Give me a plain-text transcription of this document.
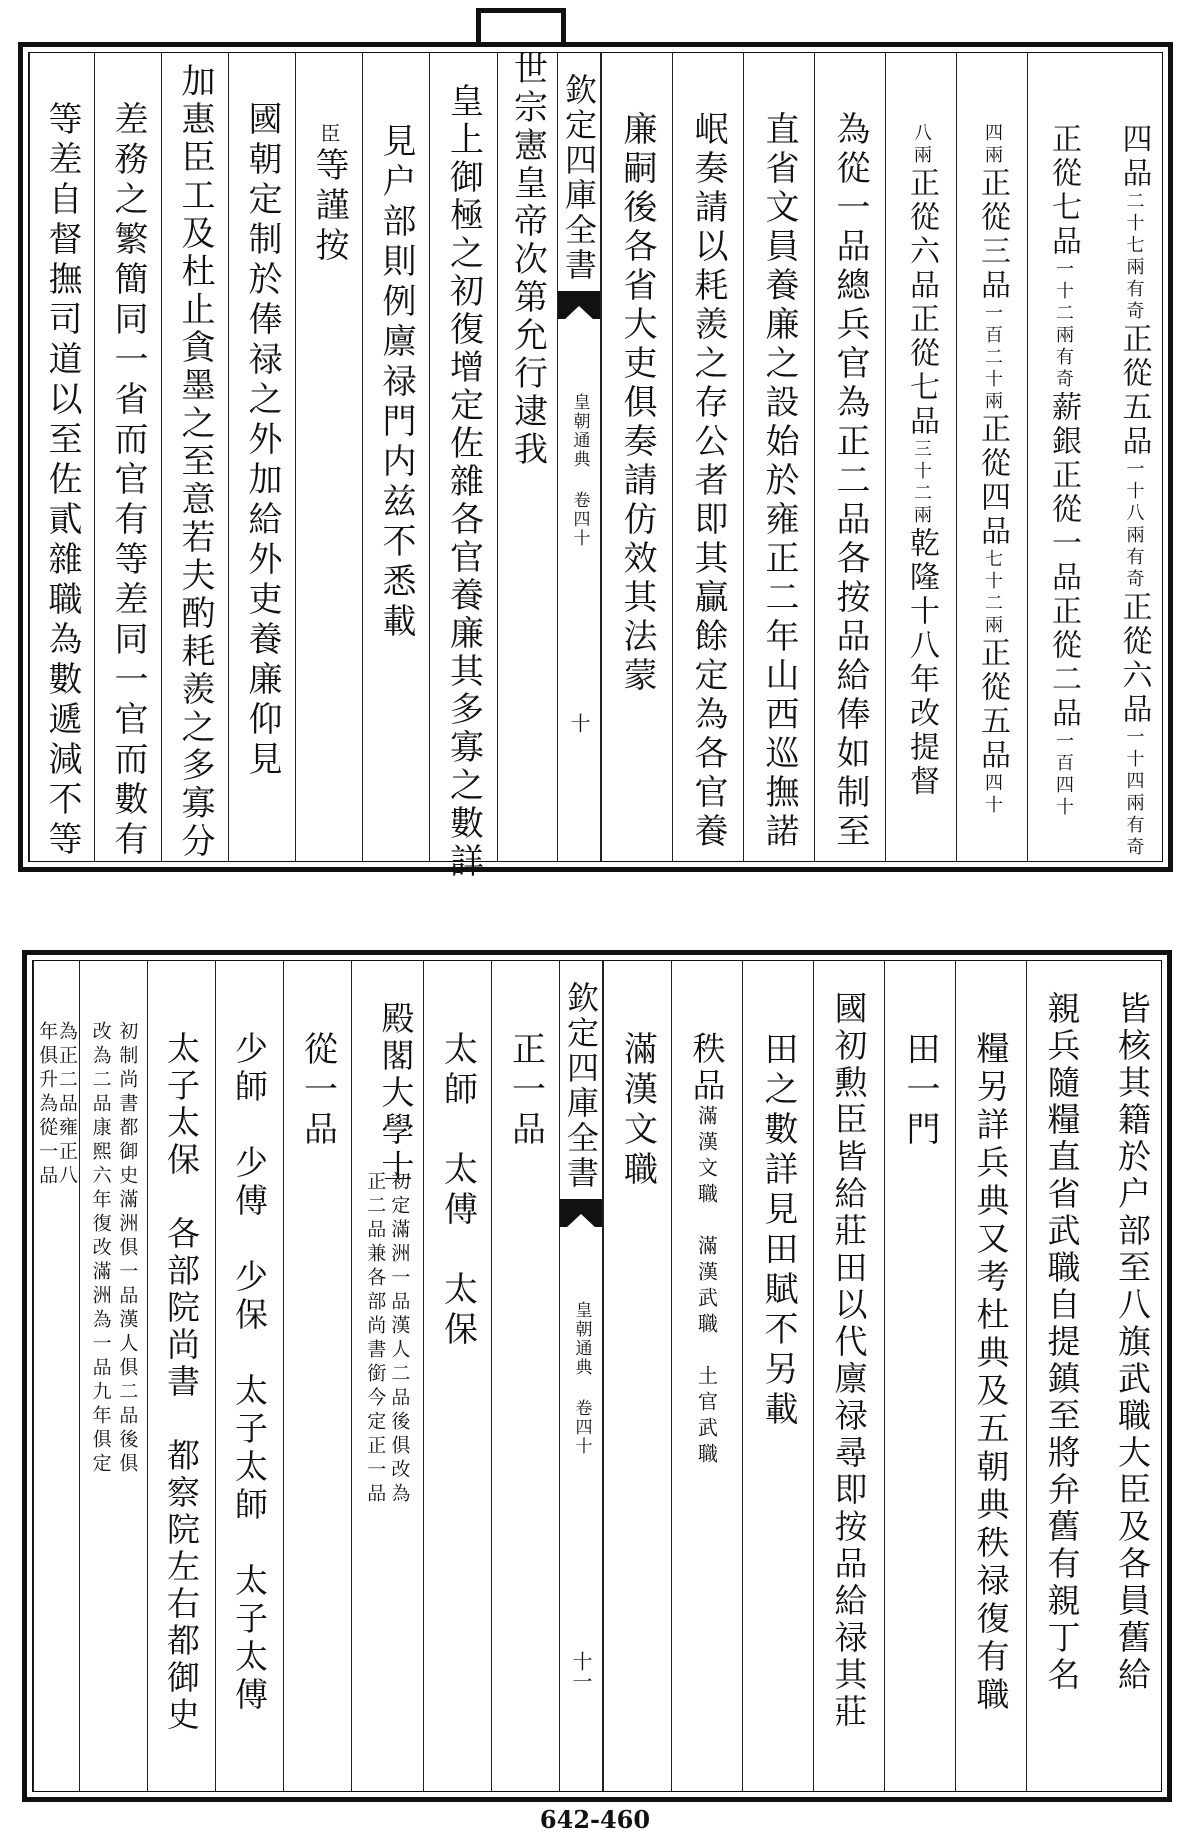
四品二十七兩有奇正從五品一十八兩有奇正從六品一十四兩有奇
正從七品一十二兩有奇薪銀正從一品正從二品一百四十
四兩正從三品一百二十兩正從四品七十二兩正從五品四十
八兩正從六品正從七品三十二兩乾隆十八年改提督
為從一品總兵官為正二品各按品給俸如制至
直省文員養廉之設始於雍正二年山西巡撫諾
岷奏請以耗羨之存公者即其贏餘定為各官養
廉嗣後各省大吏俱奏請仿效其法蒙
欽定四庫全書
皇朝通典 卷四十
十
世宗憲皇帝次第允行逮我
皇上御極之初復增定佐雜各官養廉其多寡之數詳
見户部則例廪禄門内兹不悉載
臣等謹按
國朝定制於俸禄之外加給外吏養廉仰見
加惠臣工及杜止貪墨之至意若夫酌耗羨之多寡分
差務之繁簡同一省而官有等差同一官而數有
等差自督撫司道以至佐貳雜職為數遞減不等
皆核其籍於户部至八旗武職大臣及各員舊給
親兵隨糧直省武職自提鎮至將弁舊有親丁名
糧另詳兵典又考杜典及五朝典秩禄復有職
田一門
國初勲臣皆給莊田以代廪禄尋即按品給禄其莊
田之數詳見田賦不另載
秩品滿漢文職　滿漢武職　土官武職
滿漢文職
欽定四庫全書
皇朝通典 卷四十
十一
正一品
太師　太傅　太保
殿閣大學士
初定滿洲一品漢人二品後俱改為
正二品兼各部尚書銜今定正一品
從一品
少師　少傅　少保　太子太師　太子太傅
太子太保　各部院尚書　都察院左右都御史
初制尚書都御史滿洲俱一品漢人俱二品後俱
改為二品康熙六年復改滿洲為一品九年俱定
為正二品雍正八
年俱升為從一品
642-460
